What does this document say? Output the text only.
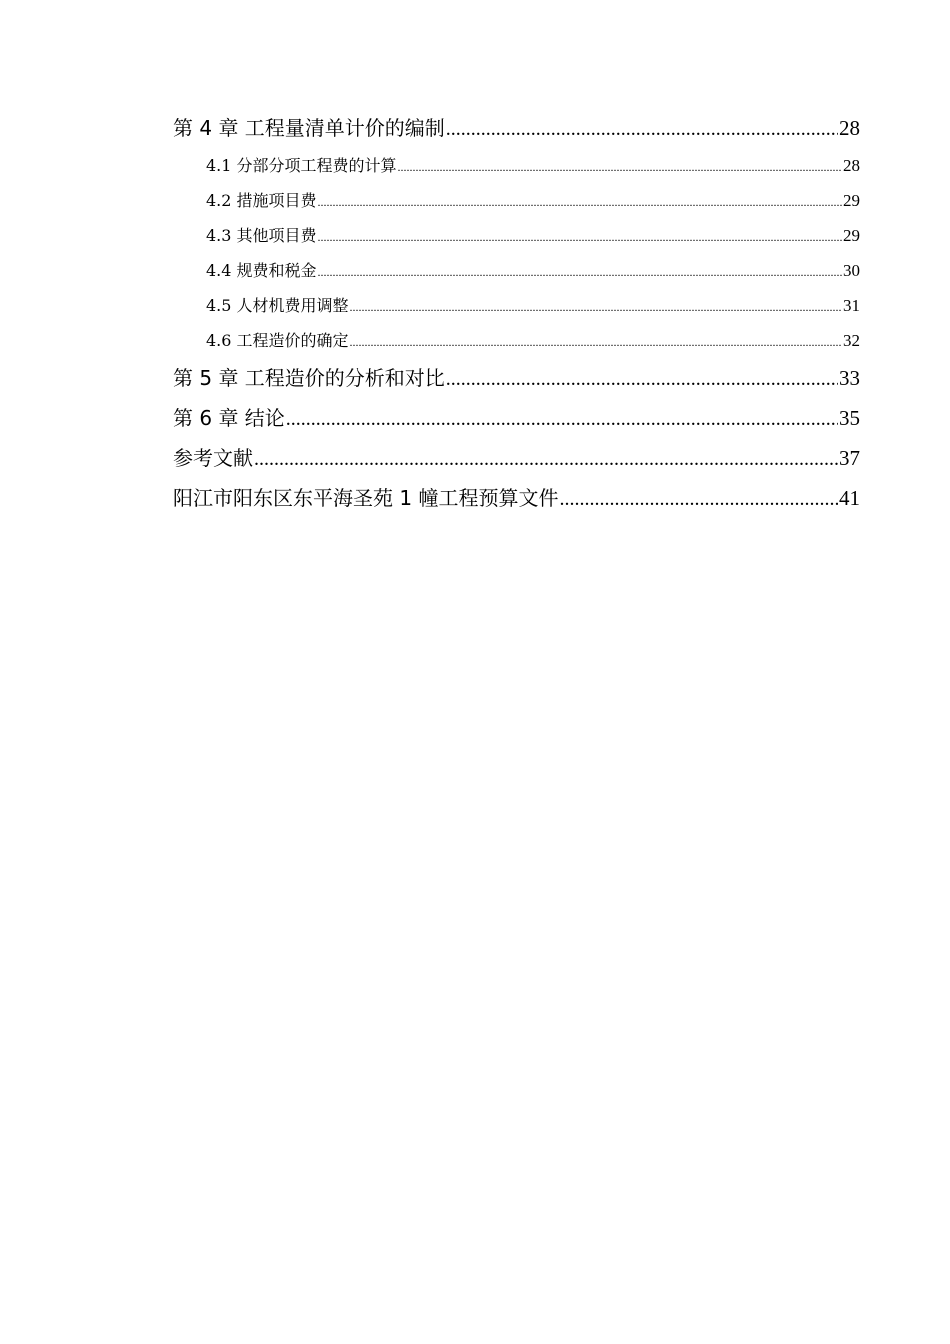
第 4 章 工程量清单计价的编制 .....	28
4.1 分部分项工程费的计算 .....	28
4.2 措施项目费 .....	29
4.3 其他项目费 .....	29
4.4 规费和税金 .....	30
4.5 人材机费用调整 .....	31
4.6 工程造价的确定 .....	32
第 5 章 工程造价的分析和对比 .....	33
第 6 章 结论 .....	35
参考文献 .....	37
阳江市阳东区东平海圣苑 1 幢工程预算文件 .....	41
